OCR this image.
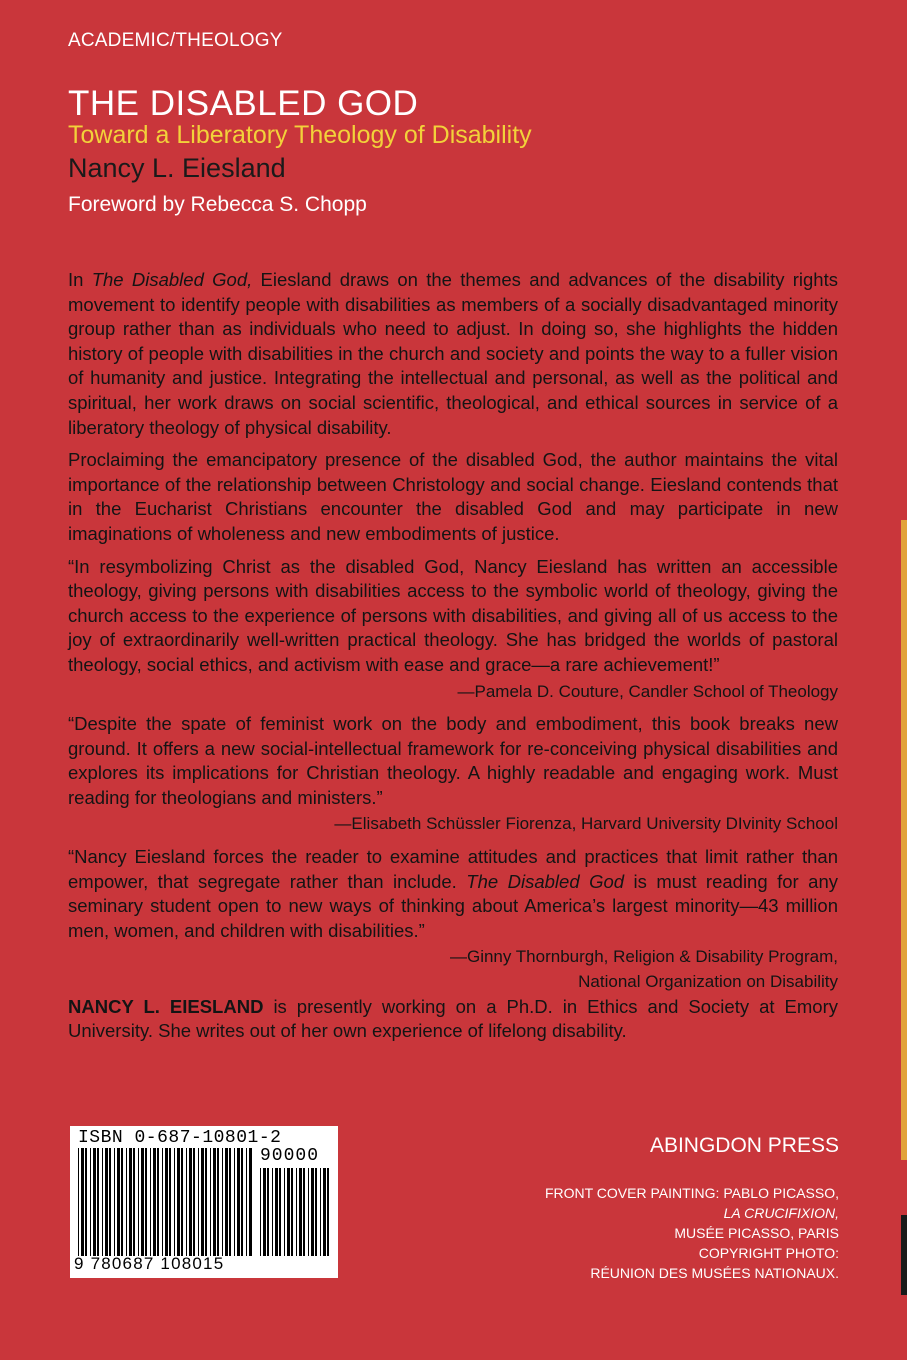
ACADEMIC/THEOLOGY
THE DISABLED GOD
Toward a Liberatory Theology of Disability
Nancy L. Eiesland
Foreword by Rebecca S. Chopp

In The Disabled God, Eiesland draws on the themes and advances of the disability rights movement to identify people with disabilities as members of a socially disadvantaged minority group rather than as individuals who need to adjust. In doing so, she highlights the hidden history of people with disabilities in the church and society and points the way to a fuller vision of humanity and justice. Integrating the intellectual and personal, as well as the political and spiritual, her work draws on social scientific, theological, and ethical sources in service of a liberatory theology of physical disability.

Proclaiming the emancipatory presence of the disabled God, the author maintains the vital importance of the relationship between Christology and social change. Eiesland contends that in the Eucharist Christians encounter the disabled God and may participate in new imaginations of wholeness and new embodiments of justice.

“In resymbolizing Christ as the disabled God, Nancy Eiesland has written an accessible theology, giving persons with disabilities access to the symbolic world of theology, giving the church access to the experience of persons with disabilities, and giving all of us access to the joy of extraordinarily well-written practical theology. She has bridged the worlds of pastoral theology, social ethics, and activism with ease and grace—a rare achievement!”

—Pamela D. Couture, Candler School of Theology

“Despite the spate of feminist work on the body and embodiment, this book breaks new ground. It offers a new social-intellectual framework for re-conceiving physical disabilities and explores its implications for Christian theology. A highly readable and engaging work. Must reading for theologians and ministers.”

—Elisabeth Schüssler Fiorenza, Harvard University DIvinity School

“Nancy Eiesland forces the reader to examine attitudes and practices that limit rather than empower, that segregate rather than include. The Disabled God is must reading for any seminary student open to new ways of thinking about America’s largest minority—43 million men, women, and children with disabilities.”

—Ginny Thornburgh, Religion & Disability Program,
National Organization on Disability

NANCY L. EIESLAND is presently working on a Ph.D. in Ethics and Society at Emory University. She writes out of her own experience of lifelong disability.

ISBN 0-687-10801-2
90000
9 780687 108015
ABINGDON PRESS
FRONT COVER PAINTING: PABLO PICASSO,
LA CRUCIFIXION,
MUSÉE PICASSO, PARIS
COPYRIGHT PHOTO:
RÉUNION DES MUSÉES NATIONAUX.
